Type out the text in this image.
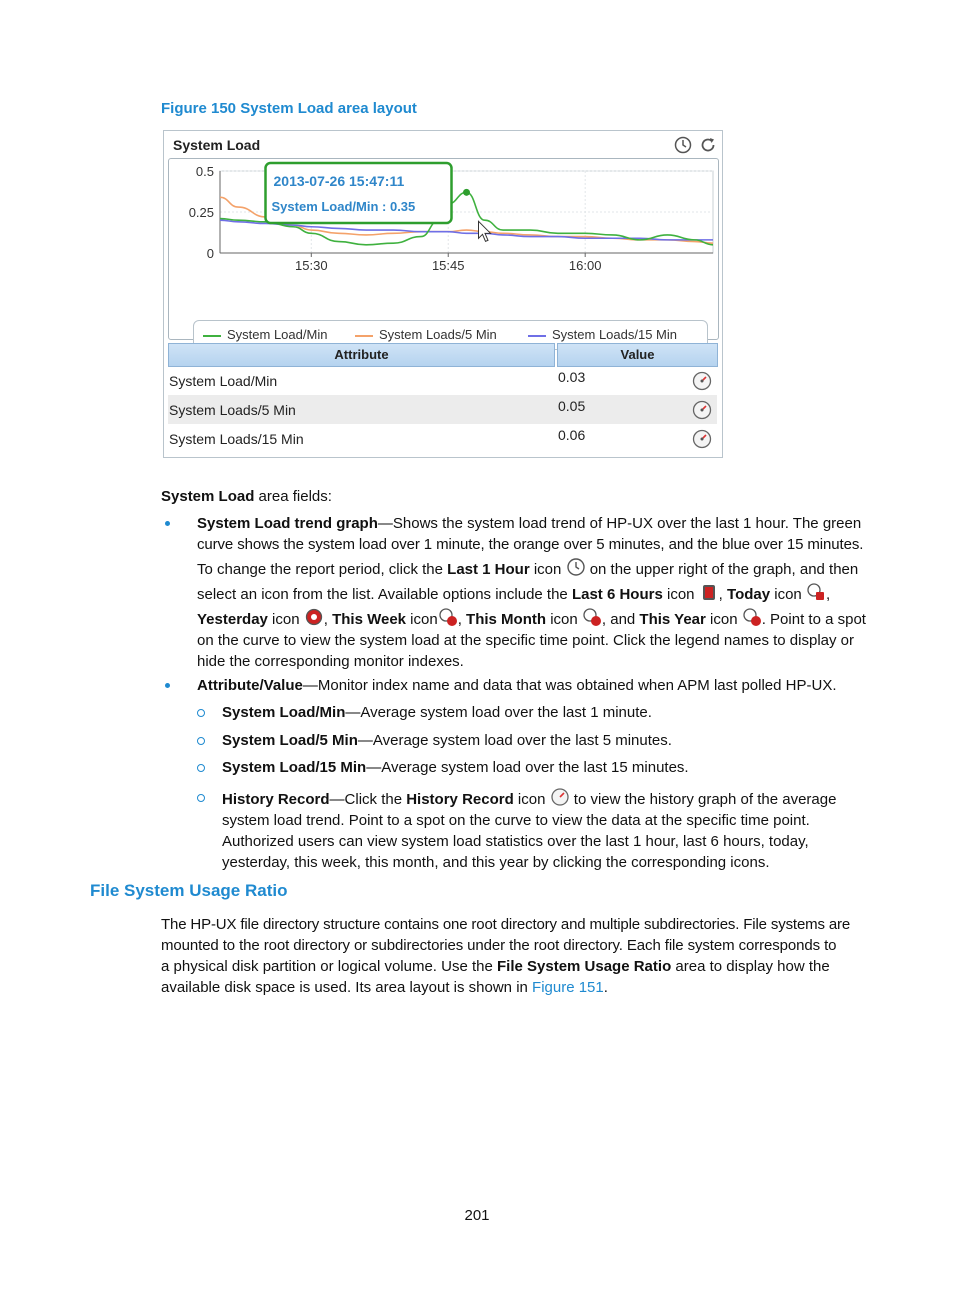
Figure 150 System Load area layout
System Load
0.5
0.25
0
15:30	15:45	16:00
2013-07-26 15:47:11
System Load/Min : 0.35
System Load/Min	System Loads/5 Min	System Loads/15 Min
Attribute	Value
System Load/Min	0.03
System Loads/5 Min	0.05
System Loads/15 Min	0.06
System Load area fields:
System Load trend graph—Shows the system load trend of HP-UX over the last 1 hour. The green
curve shows the system load over 1 minute, the orange over 5 minutes, and the blue over 15 minutes.
To change the report period, click the Last 1 Hour icon  on the upper right of the graph, and then
select an icon from the list. Available options include the Last 6 Hours icon , Today icon ,
Yesterday icon , This Week icon , This Month icon , and This Year icon . Point to a spot
on the curve to view the system load at the specific time point. Click the legend names to display or
hide the corresponding monitor indexes.
Attribute/Value—Monitor index name and data that was obtained when APM last polled HP-UX.
System Load/Min—Average system load over the last 1 minute.
System Load/5 Min—Average system load over the last 5 minutes.
System Load/15 Min—Average system load over the last 15 minutes.
History Record—Click the History Record icon  to view the history graph of the average
system load trend. Point to a spot on the curve to view the data at the specific time point.
Authorized users can view system load statistics over the last 1 hour, last 6 hours, today,
yesterday, this week, this month, and this year by clicking the corresponding icons.
File System Usage Ratio
The HP-UX file directory structure contains one root directory and multiple subdirectories. File systems are
mounted to the root directory or subdirectories under the root directory. Each file system corresponds to
a physical disk partition or logical volume. Use the File System Usage Ratio area to display how the
available disk space is used. Its area layout is shown in Figure 151.
201
